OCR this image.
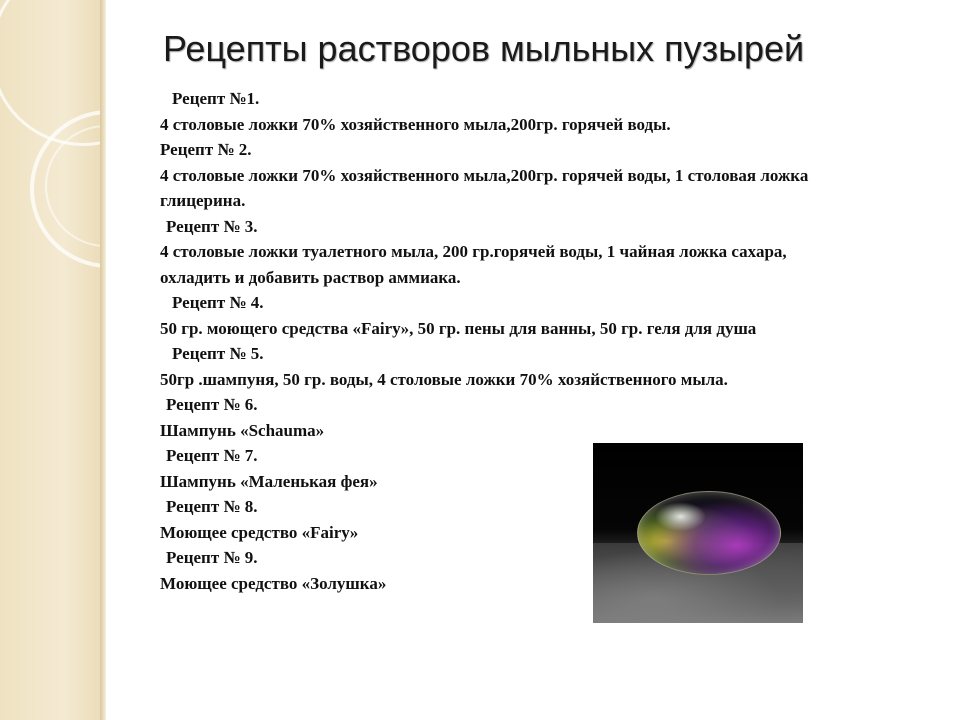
Рецепты растворов мыльных пузырей
Рецепт №1.
4 столовые ложки 70% хозяйственного мыла,200гр. горячей воды.
Рецепт № 2.
4 столовые ложки 70% хозяйственного мыла,200гр. горячей воды, 1 столовая ложка
глицерина.
Рецепт № 3.
4 столовые ложки туалетного мыла, 200 гр.горячей воды, 1 чайная ложка сахара,
охладить и добавить раствор аммиака.
Рецепт № 4.
50 гр. моющего средства «Fairy», 50 гр. пены для ванны, 50 гр. геля для душа
Рецепт № 5.
50гр .шампуня, 50 гр. воды, 4 столовые ложки 70% хозяйственного мыла.
Рецепт № 6.
Шампунь «Schauma»
Рецепт № 7.
Шампунь «Маленькая фея»
Рецепт № 8.
Моющее средство «Fairy»
Рецепт № 9.
Моющее средство «Золушка»
